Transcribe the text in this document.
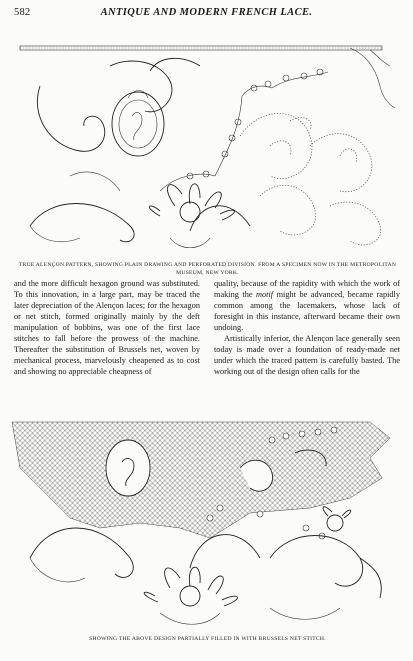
582	ANTIQUE AND MODERN FRENCH LACE.
TRUE ALENÇON PATTERN, SHOWING PLAIN DRAWING AND PERFORATED DIVISION. FROM A SPECIMEN NOW IN THE METROPOLITAN MUSEUM, NEW YORK.

and the more difficult hexagon ground was substituted. To this innovation, in a large part, may be traced the later depreciation of the Alençon laces; for the hexagon or net stitch, formed originally mainly by the deft manipulation of bobbins, was one of the first lace stitches to fall before the prowess of the machine. Thereafter the substitution of Brussels net, woven by mechanical process, marvelously cheapened as to cost and showing no appreciable cheapness of

quality, because of the rapidity with which the work of making the motif might be advanced, became rapidly common among the lacemakers, whose lack of foresight in this instance, afterward became their own undoing.

Artistically inferior, the Alençon lace generally seen today is made over a foundation of ready-made net under which the traced pattern is carefully basted. The working out of the design often calls for the

SHOWING THE ABOVE DESIGN PARTIALLY FILLED IN WITH BRUSSELS NET STITCH.
